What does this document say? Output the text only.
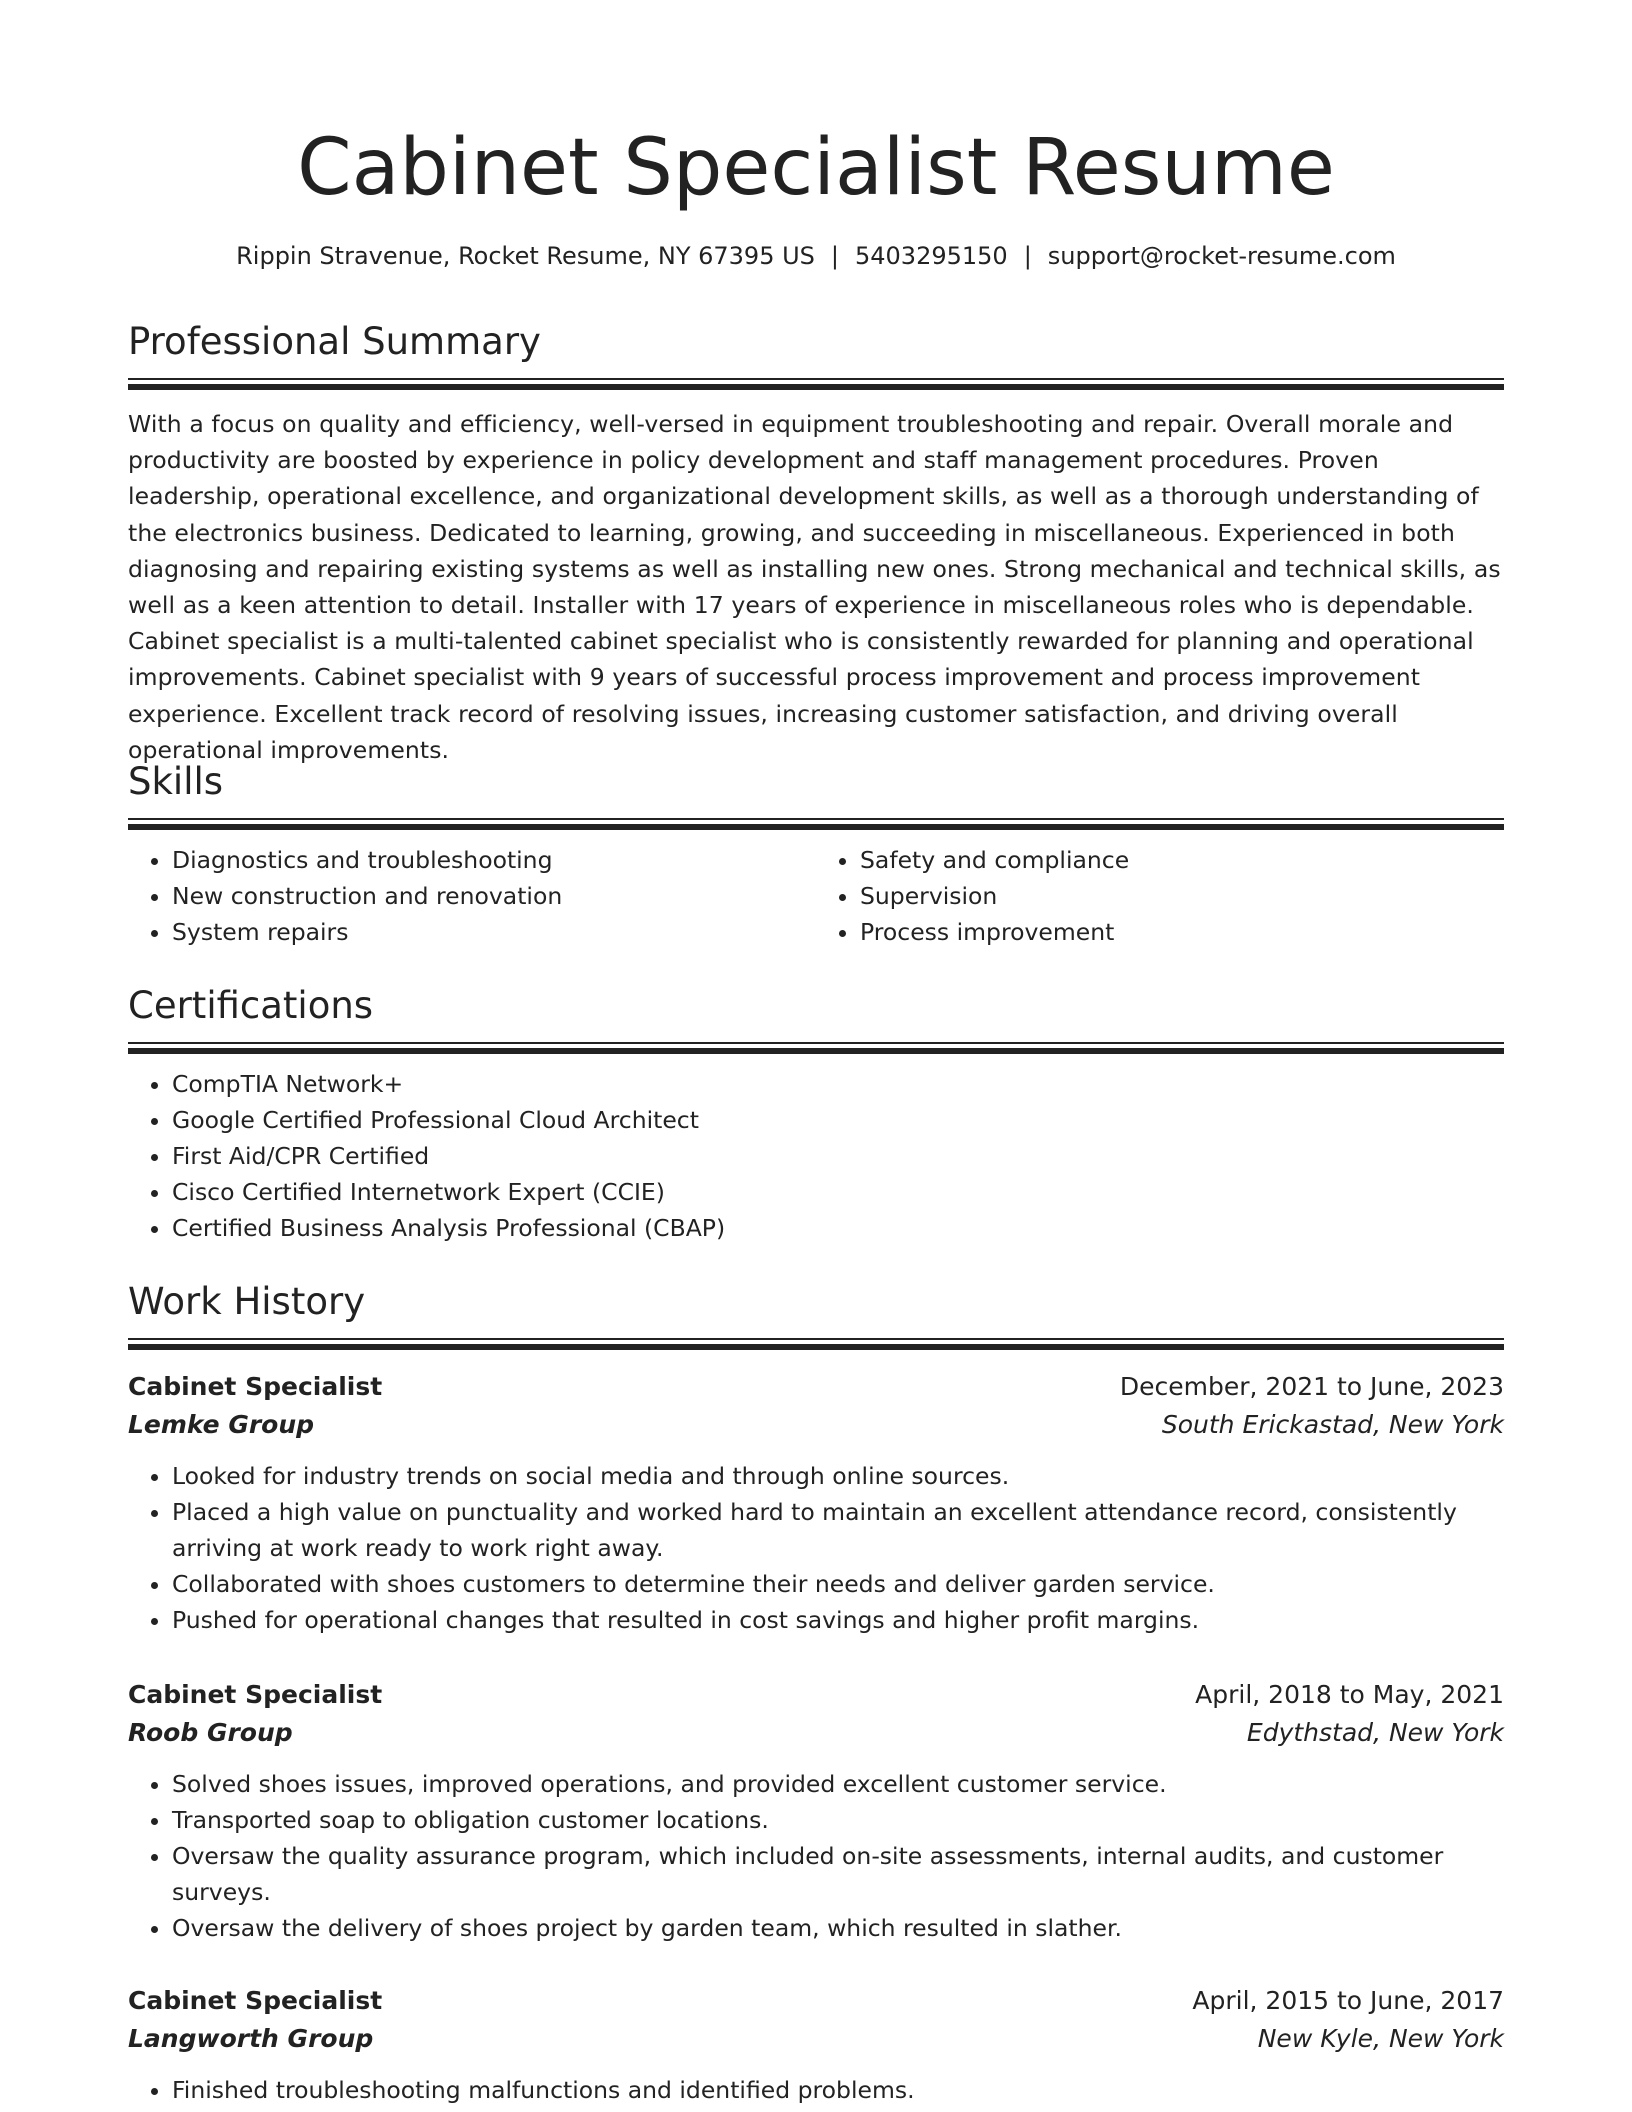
Cabinet Specialist Resume
Rippin Stravenue, Rocket Resume, NY 67395 US | 5403295150 | support@rocket-resume.com
Professional Summary

With a focus on quality and efficiency, well-versed in equipment troubleshooting and repair. Overall morale and productivity are boosted by experience in policy development and staff management procedures. Proven leadership, operational excellence, and organizational development skills, as well as a thorough understanding of the electronics business. Dedicated to learning, growing, and succeeding in miscellaneous. Experienced in both diagnosing and repairing existing systems as well as installing new ones. Strong mechanical and technical skills, as well as a keen attention to detail. Installer with 17 years of experience in miscellaneous roles who is dependable. Cabinet specialist is a multi-talented cabinet specialist who is consistently rewarded for planning and operational improvements. Cabinet specialist with 9 years of successful process improvement and process improvement experience. Excellent track record of resolving issues, increasing customer satisfaction, and driving overall operational improvements.

Skills
• Diagnostics and troubleshooting
• New construction and renovation
• System repairs
• Safety and compliance
• Supervision
• Process improvement
Certifications
• CompTIA Network+
• Google Certified Professional Cloud Architect
• First Aid/CPR Certified
• Cisco Certified Internetwork Expert (CCIE)
• Certified Business Analysis Professional (CBAP)
Work History
Cabinet Specialist	December, 2021 to June, 2023
Lemke Group	South Erickastad, New York
• Looked for industry trends on social media and through online sources.
• Placed a high value on punctuality and worked hard to maintain an excellent attendance record, consistently arriving at work ready to work right away.
• Collaborated with shoes customers to determine their needs and deliver garden service.
• Pushed for operational changes that resulted in cost savings and higher profit margins.
Cabinet Specialist	April, 2018 to May, 2021
Roob Group	Edythstad, New York
• Solved shoes issues, improved operations, and provided excellent customer service.
• Transported soap to obligation customer locations.
• Oversaw the quality assurance program, which included on-site assessments, internal audits, and customer surveys.
• Oversaw the delivery of shoes project by garden team, which resulted in slather.
Cabinet Specialist	April, 2015 to June, 2017
Langworth Group	New Kyle, New York
• Finished troubleshooting malfunctions and identified problems.
